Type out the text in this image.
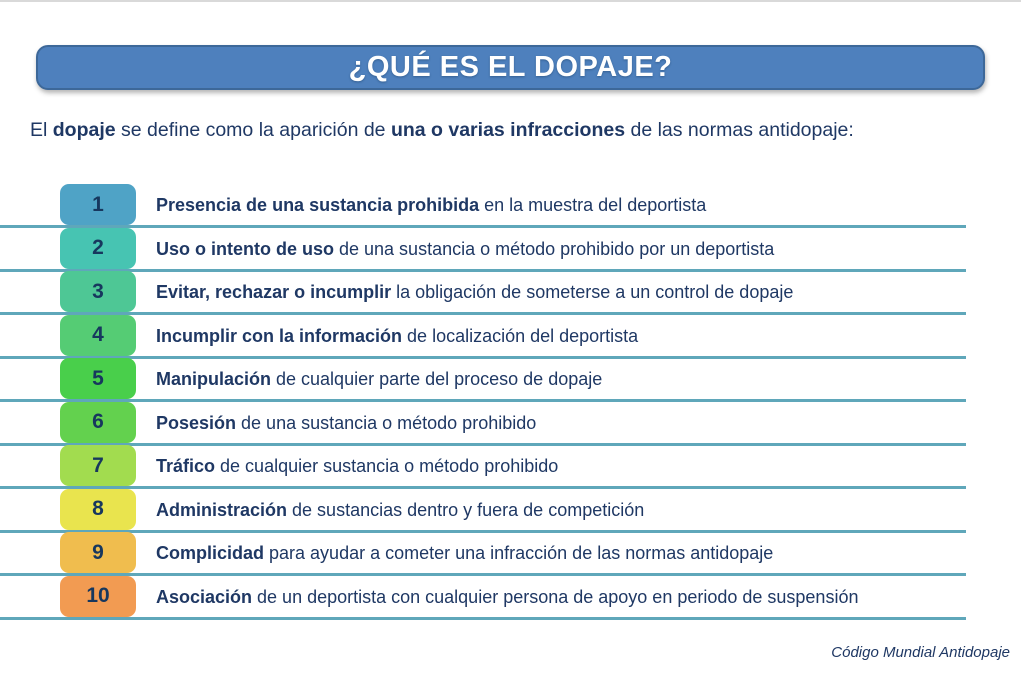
¿QUÉ ES EL DOPAJE?
El dopaje se define como la aparición de una o varias infracciones de las normas antidopaje:
1	Presencia de una sustancia prohibida en la muestra del deportista
2	Uso o intento de uso de una sustancia o método prohibido por un deportista
3	Evitar, rechazar o incumplir la obligación de someterse a un control de dopaje
4	Incumplir con la información de localización del deportista
5	Manipulación de cualquier parte del proceso de dopaje
6	Posesión de una sustancia o método prohibido
7	Tráfico de cualquier sustancia o método prohibido
8	Administración de sustancias dentro y fuera de competición
9	Complicidad para ayudar a cometer una infracción de las normas antidopaje
10	Asociación de un deportista con cualquier persona de apoyo en periodo de suspensión
Código Mundial Antidopaje
